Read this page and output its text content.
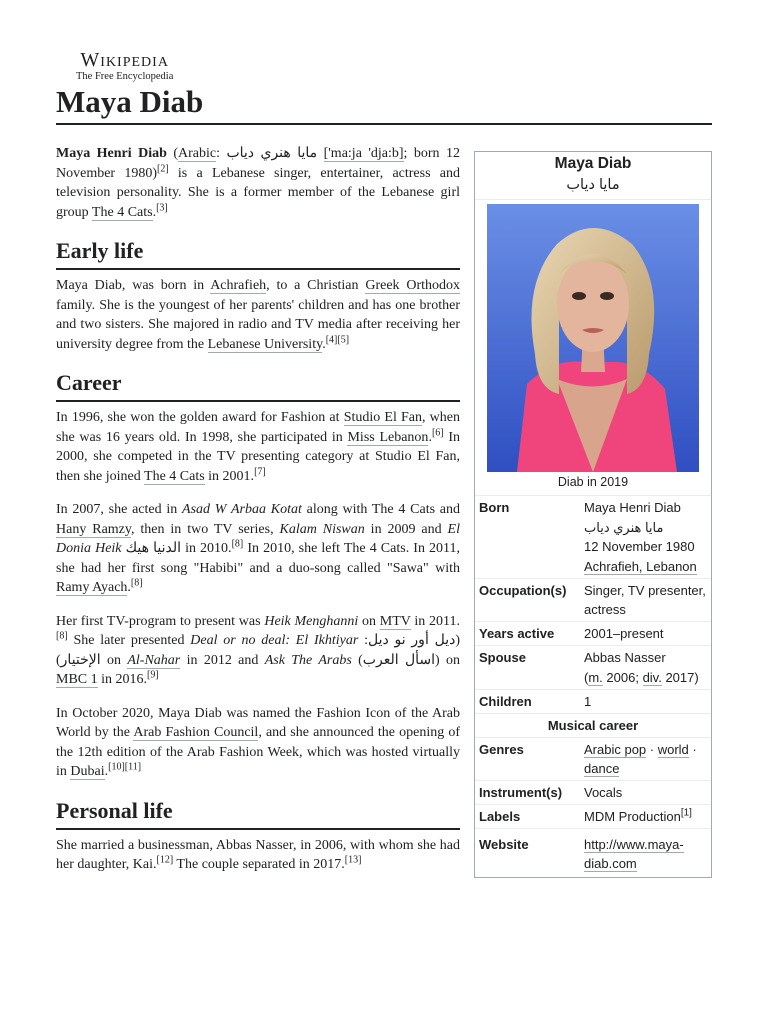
Wikipedia
The Free Encyclopedia
Maya Diab

Maya Henri Diab (Arabic: مايا هنري دياب ['ma:ja 'dja:b]; born 12 November 1980)[2] is a Lebanese singer, entertainer, actress and television personality. She is a former member of the Lebanese girl group The 4 Cats.[3]

Early life

Maya Diab, was born in Achrafieh, to a Christian Greek Orthodox family. She is the youngest of her parents' children and has one brother and two sisters. She majored in radio and TV media after receiving her university degree from the Lebanese University.[4][5]

Career

In 1996, she won the golden award for Fashion at Studio El Fan, when she was 16 years old. In 1998, she participated in Miss Lebanon.[6] In 2000, she competed in the TV presenting category at Studio El Fan, then she joined The 4 Cats in 2001.[7]

In 2007, she acted in Asad W Arbaa Kotat along with The 4 Cats and Hany Ramzy, then in two TV series, Kalam Niswan in 2009 and El Donia Heik الدنيا هيك in 2010.[8] In 2010, she left The 4 Cats. In 2011, she had her first song "Habibi" and a duo-song called "Sawa" with Ramy Ayach.[8]

Her first TV-program to present was Heik Menghanni on MTV in 2011.[8] She later presented Deal or no deal: El Ikhtiyar (ديل أور نو ديل: الإختيار) on Al-Nahar in 2012 and Ask The Arabs (اسأل العرب) on MBC 1 in 2016.[9]

In October 2020, Maya Diab was named the Fashion Icon of the Arab World by the Arab Fashion Council, and she announced the opening of the 12th edition of the Arab Fashion Week, which was hosted virtually in Dubai.[10][11]

Personal life

She married a businessman, Abbas Nasser, in 2006, with whom she had her daughter, Kai.[12] The couple separated in 2017.[13]

Maya Diab
مايا دياب
Diab in 2019
Born	Maya Henri Diab
مايا هنري دياب
12 November 1980
Achrafieh, Lebanon
Occupation(s)	Singer, TV presenter, actress
Years active	2001–present
Spouse	Abbas Nasser
(m. 2006; div. 2017)
Children	1
Musical career
Genres	Arabic pop · world · dance
Instrument(s)	Vocals
Labels	MDM Production[1]
Website	http://www.maya-diab.com
